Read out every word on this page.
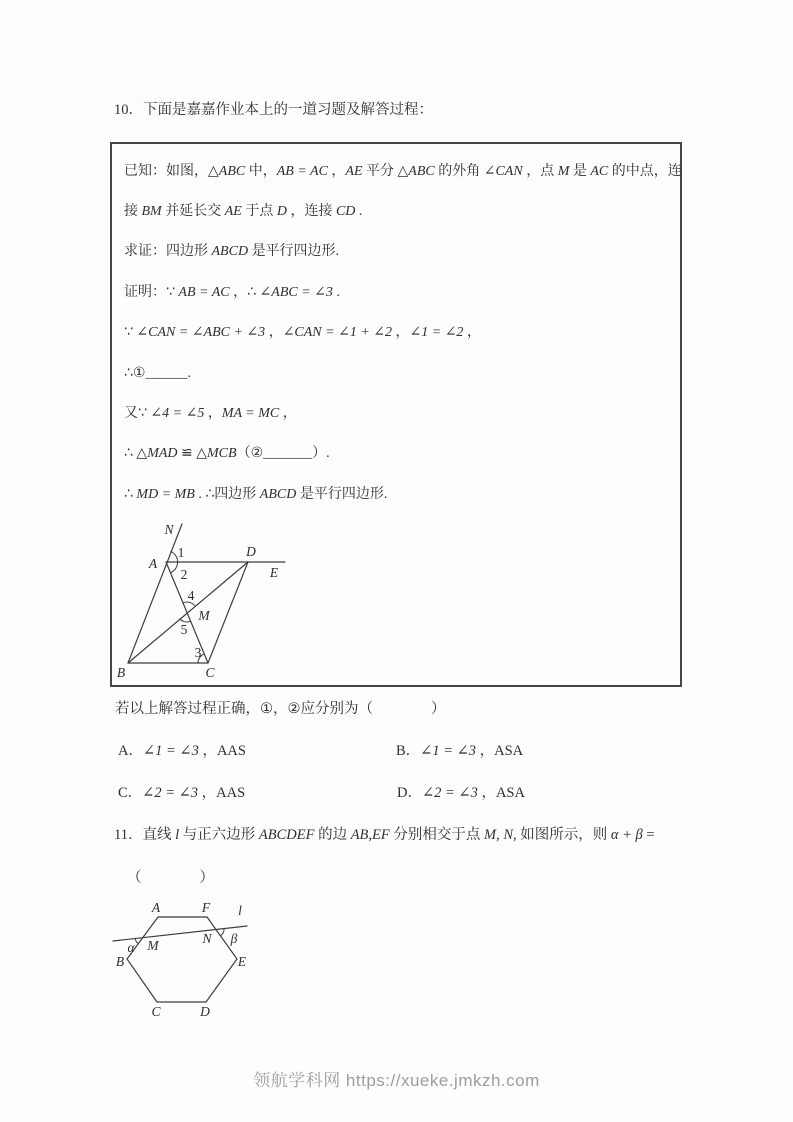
10．下面是嘉嘉作业本上的一道习题及解答过程：
已知：如图，△ABC 中，AB = AC ，AE 平分 △ABC 的外角 ∠CAN ，点 M 是 AC 的中点，连
接 BM 并延长交 AE 于点 D ，连接 CD .
求证：四边形 ABCD 是平行四边形.
证明：∵ AB = AC ，∴ ∠ABC = ∠3 .
∵ ∠CAN = ∠ABC + ∠3 ，∠CAN = ∠1 + ∠2 ，∠1 = ∠2 ，
∴①______.
又∵ ∠4 = ∠5 ，MA = MC ，
∴ △MAD ≌ △MCB（②_______）.
∴ MD = MB . ∴四边形 ABCD 是平行四边形.
N
A
D
E
M
B	C
1
2
4
5
3
若以上解答过程正确，①，②应分别为（　　　　）
A．∠1 = ∠3 ，AAS	B．∠1 = ∠3 ，ASA
C．∠2 = ∠3 ，AAS	D．∠2 = ∠3 ，ASA
11．直线 l 与正六边形 ABCDEF 的边 AB,EF 分别相交于点 M, N, 如图所示，则 α + β =
（　　　　）
A	F l
M	N
α
β
B	E
C	D
领航学科网 https://xueke.jmkzh.com
